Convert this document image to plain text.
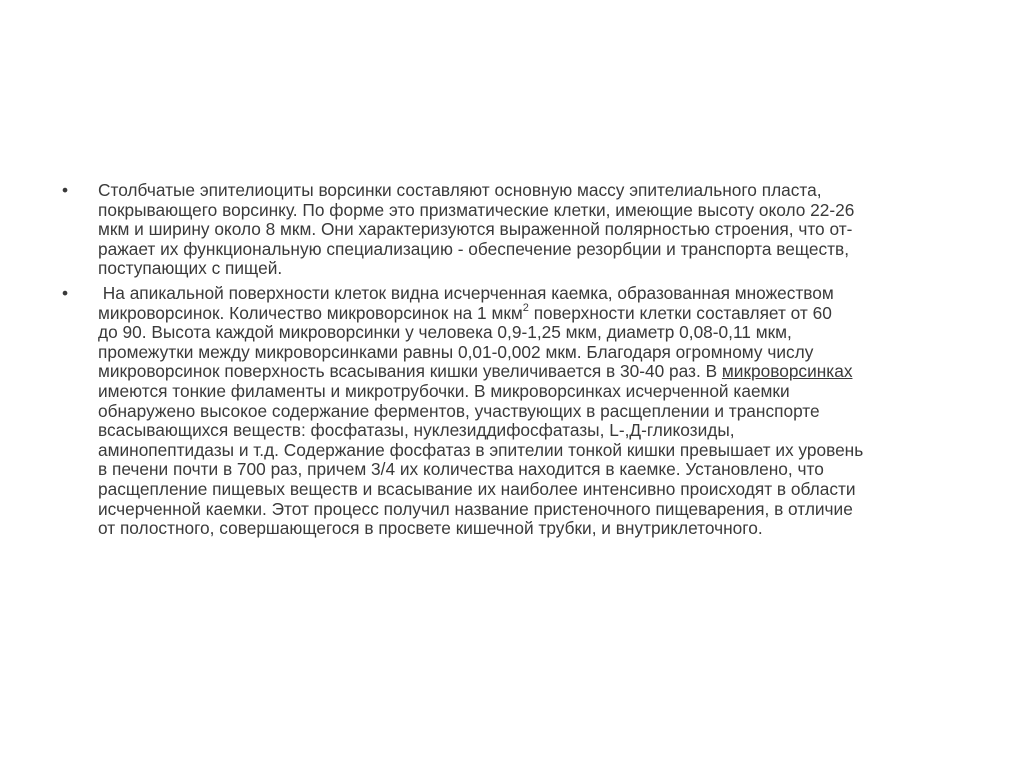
•	Столбчатые эпителиоциты ворсинки составляют основную массу эпителиального пласта,
покрывающего ворсинку. По форме это призматические клетки, имеющие высоту около 22-26
мкм и ширину около 8 мкм. Они характеризуются выраженной полярностью строения, что от-
ражает их функциональную специализацию - обеспечение резорбции и транспорта веществ,
поступающих с пищей.
•	На апикальной поверхности клеток видна исчерченная каемка, образованная множеством
микроворсинок. Количество микроворсинок на 1 мкм$^2$ поверхности клетки составляет от 60
до 90. Высота каждой микроворсинки у человека 0,9-1,25 мкм, диаметр 0,08-0,11 мкм,
промежутки между микроворсинками равны 0,01-0,002 мкм. Благодаря огромному числу
микроворсинок поверхность всасывания кишки увеличивается в 30-40 раз. В микроворсинках
имеются тонкие филаменты и микротрубочки. В микроворсинках исчерченной каемки
обнаружено высокое содержание ферментов, участвующих в расщеплении и транспорте
всасывающихся веществ: фосфатазы, нуклезиддифосфатазы, L-,Д-гликозиды,
аминопептидазы и т.д. Содержание фосфатаз в эпителии тонкой кишки превышает их уровень
в печени почти в 700 раз, причем 3/4 их количества находится в каемке. Установлено, что
расщепление пищевых веществ и всасывание их наиболее интенсивно происходят в области
исчерченной каемки. Этот процесс получил название пристеночного пищеварения, в отличие
от полостного, совершающегося в просвете кишечной трубки, и внутриклеточного.
